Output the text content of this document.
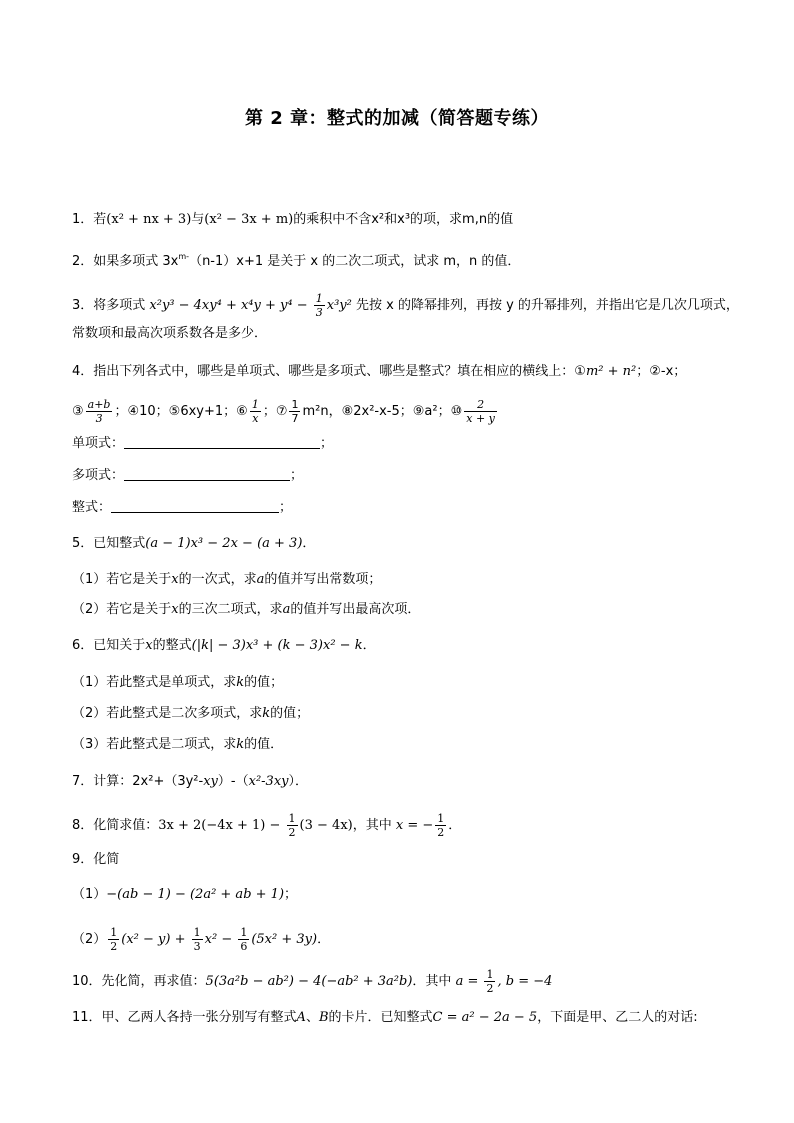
第 2 章：整式的加减（简答题专练）
1．若(x² + nx + 3)与(x² − 3x + m)的乘积中不含x²和x³的项，求m,n的值
2．如果多项式 $3x^{m-}(n-1)x+1$ 是关于 x 的二次二项式，试求 m，n 的值．
3．将多项式 $x^2y^3 - 4xy^4 + x^4y + y^4 - \frac{1}{3} x^3y^2$ 先按 x 的降幂排列，再按 y 的升幂排列，并指出它是几次几项式，
常数项和最高次项系数各是多少．
4．指出下列各式中，哪些是单项式、哪些是多项式、哪些是整式？填在相应的横线上：①m² + n²；②-x；
③ $\frac{a+b}{3}$ ；④10；⑤6xy+1；⑥ $\frac{1}{x}$ ；⑦ $\frac{1}{7} m^2n$，⑧2x²-x-5；⑨a²；⑩ $\frac{2}{x + y}$
单项式：	；
多项式：	；
整式：	；
5．已知整式(a − 1)x³ − 2x − (a + 3)．
（1）若它是关于x的一次式，求a的值并写出常数项；
（2）若它是关于x的三次二项式，求a的值并写出最高次项．
6．已知关于x的整式(|k| − 3)x³ + (k − 3)x² − k．
（1）若此整式是单项式，求k的值；
（2）若此整式是二次多项式，求k的值；
（3）若此整式是二项式，求k的值．
7．计算：2x²+（3y²-xy）-（x²-3xy）．
8．化简求值：$3x + 2(-4x + 1) - \frac{1}{2} (3 - 4x)$，其中 x = − $\frac{1}{2}$ ．
9．化简
（1）−(ab − 1) − (2a² + ab + 1)；
$(2) \frac{1}{2} (x^2 - y) + \frac{1}{3} x^2 - \frac{1}{6} (5x^2 + 3y)$．
10．先化简，再求值：5(3a²b − ab²) − 4(−ab² + 3a²b)．其中 $a = \frac{1}{2}$ , b = −4
11．甲、乙两人各持一张分别写有整式A、B的卡片．已知整式C = a² − 2a − 5，下面是甲、乙二人的对话:
